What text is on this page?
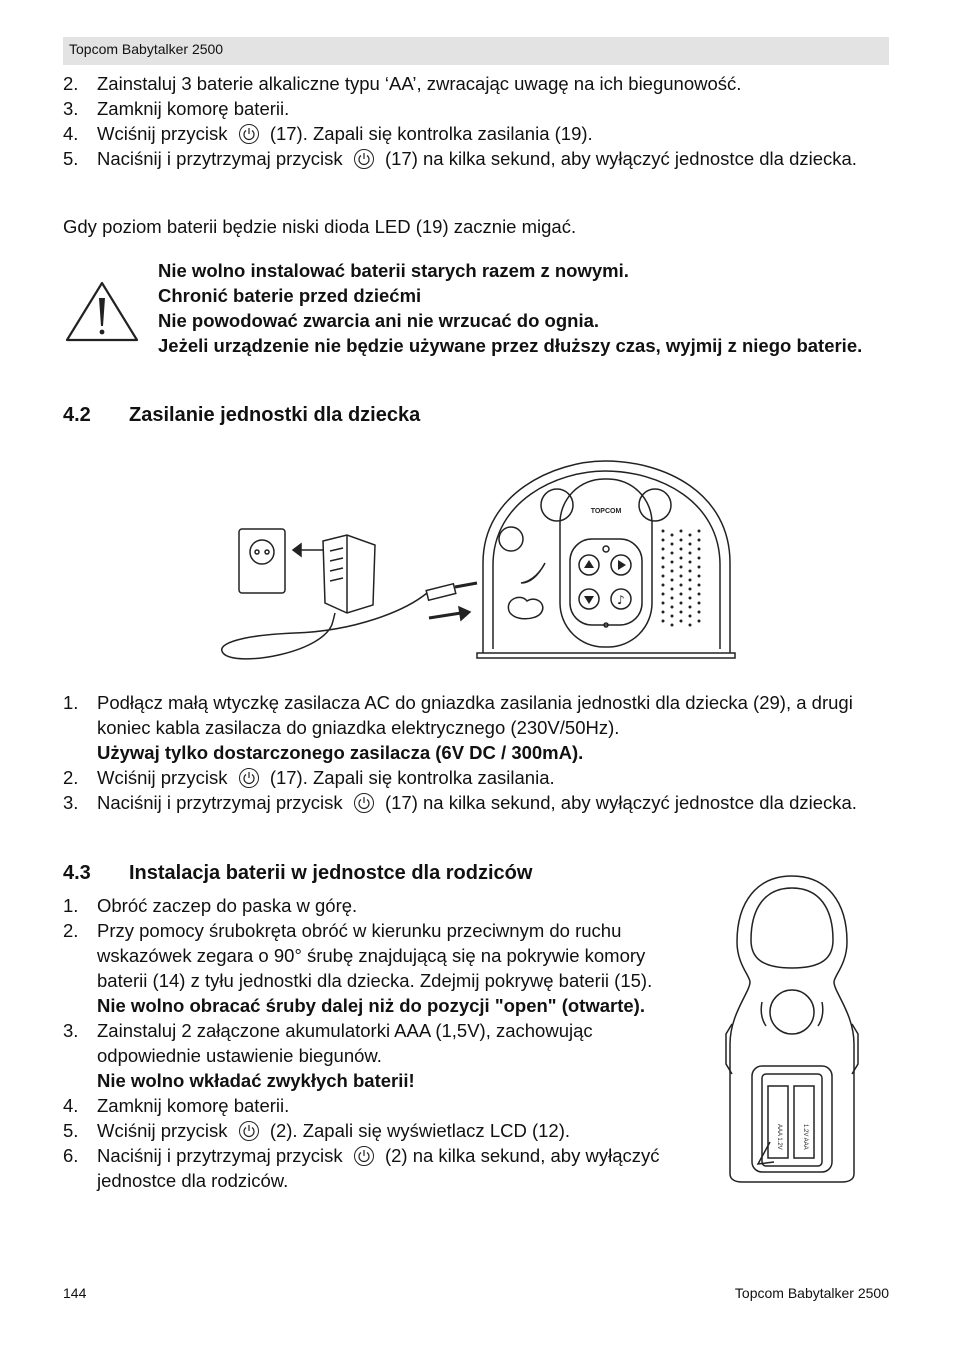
Topcom Babytalker 2500
2. Zainstaluj 3 baterie alkaliczne typu ‘AA’, zwracając uwagę na ich biegunowość.
3. Zamknij komorę baterii.
4. Wciśnij przycisk (17). Zapali się kontrolka zasilania (19).
5. Naciśnij i przytrzymaj przycisk (17) na kilka sekund, aby wyłączyć jednostce dla dziecka.
Gdy poziom baterii będzie niski dioda LED (19) zacznie migać.
Nie wolno instalować baterii starych razem z nowymi.
Chronić baterie przed dziećmi
Nie powodować zwarcia ani nie wrzucać do ognia.
Jeżeli urządzenie nie będzie używane przez dłuższy czas, wyjmij z niego baterie.
4.2 Zasilanie jednostki dla dziecka
♪
TOPCOM
1. Podłącz małą wtyczkę zasilacza AC do gniazdka zasilania jednostki dla dziecka (29), a drugi koniec kabla zasilacza do gniazdka elektrycznego (230V/50Hz).
Używaj tylko dostarczonego zasilacza (6V DC / 300mA).
2. Wciśnij przycisk (17). Zapali się kontrolka zasilania.
3. Naciśnij i przytrzymaj przycisk (17) na kilka sekund, aby wyłączyć jednostce dla dziecka.
4.3 Instalacja baterii w jednostce dla rodziców
1. Obróć zaczep do paska w górę.
2. Przy pomocy śrubokręta obróć w kierunku przeciwnym do ruchu wskazówek zegara o 90° śrubę znajdującą się na pokrywie komory baterii (14) z tyłu jednostki dla dziecka. Zdejmij pokrywę baterii (15). Nie wolno obracać śruby dalej niż do pozycji "open" (otwarte).
3. Zainstaluj 2 załączone akumulatorki AAA (1,5V), zachowując odpowiednie ustawienie biegunów.
Nie wolno wkładać zwykłych baterii!
4. Zamknij komorę baterii.
5. Wciśnij przycisk (2). Zapali się wyświetlacz LCD (12).
6. Naciśnij i przytrzymaj przycisk (2) na kilka sekund, aby wyłączyć jednostce dla rodziców.
AAA 1.2V	1.2V AAA
144	Topcom Babytalker 2500
